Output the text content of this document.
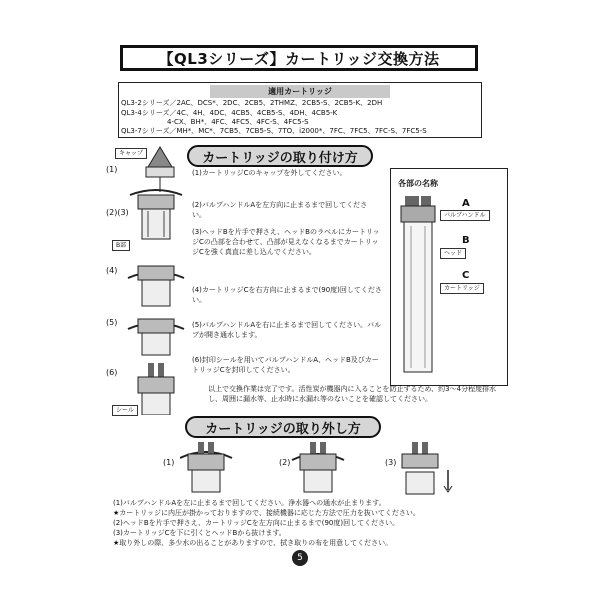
【QL3シリーズ】カートリッジ交換方法
適用カートリッジ
QL3-2シリーズ／2AC、DCS*、2DC、2CB5、2THMZ、2CB5-S、2CB5-K、2DH
QL3-4シリーズ／4C、4H、4DC、4CB5、4CB5-S、4DH、4CB5-K
4-CX、BH*、4FC、4FC5、4FC-S、4FC5-S
QL3-7シリーズ／MH*、MC*、7CB5、7CB5-S、7TO、i2000*、7FC、7FC5、7FC-S、7FC5-S
カートリッジの取り付け方
キャップ
B部
シール
(1)
(2)(3)
(4)
(5)
(6)
(1)カートリッジCのキャップを外してください。
(2)バルブハンドルAを左方向に止まるまで回してください。
(3)ヘッドBを片手で押さえ、ヘッドBのラベルにカートリッジCの凸部を合わせて、凸部が見えなくなるまでカートリッジCを強く真直に差し込んでください。
(4)カートリッジCを右方向に止まるまで(90度)回してください。
(5)バルブハンドルAを右に止まるまで回してください。バルブが開き通水します。
(6)封印シールを用いてバルブハンドルA、ヘッドB及びカートリッジCを封印してください。
各部の名称
A
バルブハンドル
B
ヘッド
C
カートリッジ
以上で交換作業は完了です。活性炭が機器内に入ることを防止するため、約3～4分程度排水し、周囲に漏水等、止水時に水漏れ等のないことを確認してください。
カートリッジの取り外し方
(1)	(2)	(3)
(1)バルブハンドルAを左に止まるまで回してください。浄水器への通水が止まります。
★カートリッジに内圧が掛かっておりますので、接続機器に応じた方法で圧力を抜いてください。
(2)ヘッドBを片手で押さえ、カートリッジCを左方向に止まるまで(90度)回してください。
(3)カートリッジCを下に引くとヘッドBから抜けます。
★取り外しの際、多少水の出ることがありますので、拭き取りの布を用意してください。
5
